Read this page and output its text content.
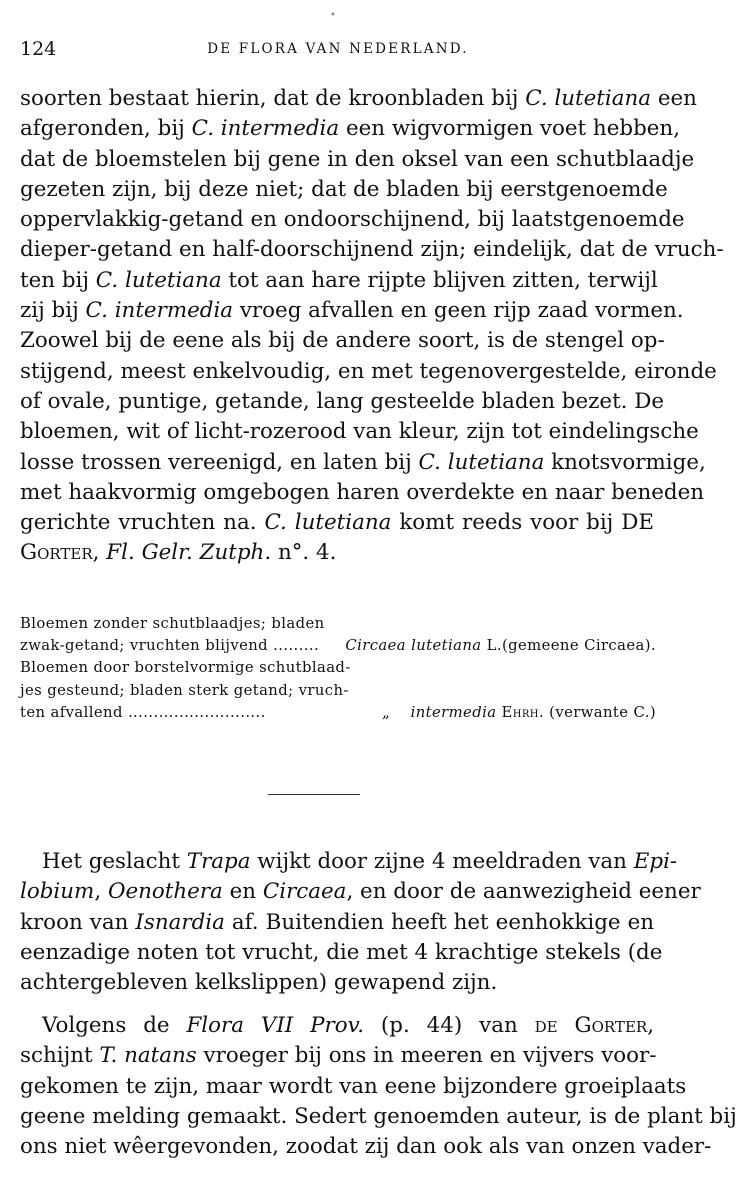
•
124	DE FLORA VAN NEDERLAND.
soorten bestaat hierin, dat de kroonbladen bij C. lutetiana een
afgeronden, bij C. intermedia een wigvormigen voet hebben,
dat de bloemstelen bij gene in den oksel van een schutblaadje
gezeten zijn, bij deze niet; dat de bladen bij eerstgenoemde
oppervlakkig-getand en ondoorschijnend, bij laatstgenoemde
dieper-getand en half-doorschijnend zijn; eindelijk, dat de vruch-
ten bij C. lutetiana tot aan hare rijpte blijven zitten, terwijl
zij bij C. intermedia vroeg afvallen en geen rijp zaad vormen.
Zoowel bij de eene als bij de andere soort, is de stengel op-
stijgend, meest enkelvoudig, en met tegenovergestelde, eironde
of ovale, puntige, getande, lang gesteelde bladen bezet. De
bloemen, wit of licht-rozerood van kleur, zijn tot eindelingsche
losse trossen vereenigd, en laten bij C. lutetiana knotsvormige,
met haakvormig omgebogen haren overdekte en naar beneden
gerichte vruchten na. C. lutetiana komt reeds voor bij DE
Gorter, Fl. Gelr. Zutph. n°. 4.
Bloemen zonder schutblaadjes; bladen
zwak-getand; vruchten blijvend ......... Circaea lutetiana L.(gemeene Circaea).
Bloemen door borstelvormige schutblaad-
jes gesteund; bladen sterk getand; vruch-
ten afvallend ...........................	„ intermedia Ehrh. (verwante C.)
Het geslacht Trapa wijkt door zijne 4 meeldraden van Epi-
lobium, Oenothera en Circaea, en door de aanwezigheid eener
kroon van Isnardia af. Buitendien heeft het eenhokkige en
eenzadige noten tot vrucht, die met 4 krachtige stekels (de
achtergebleven kelkslippen) gewapend zijn.
Volgens de Flora VII Prov. (p. 44) van de Gorter,
schijnt T. natans vroeger bij ons in meeren en vijvers voor-
gekomen te zijn, maar wordt van eene bijzondere groeiplaats
geene melding gemaakt. Sedert genoemden auteur, is de plant bij
ons niet wêergevonden, zoodat zij dan ook als van onzen vader-
